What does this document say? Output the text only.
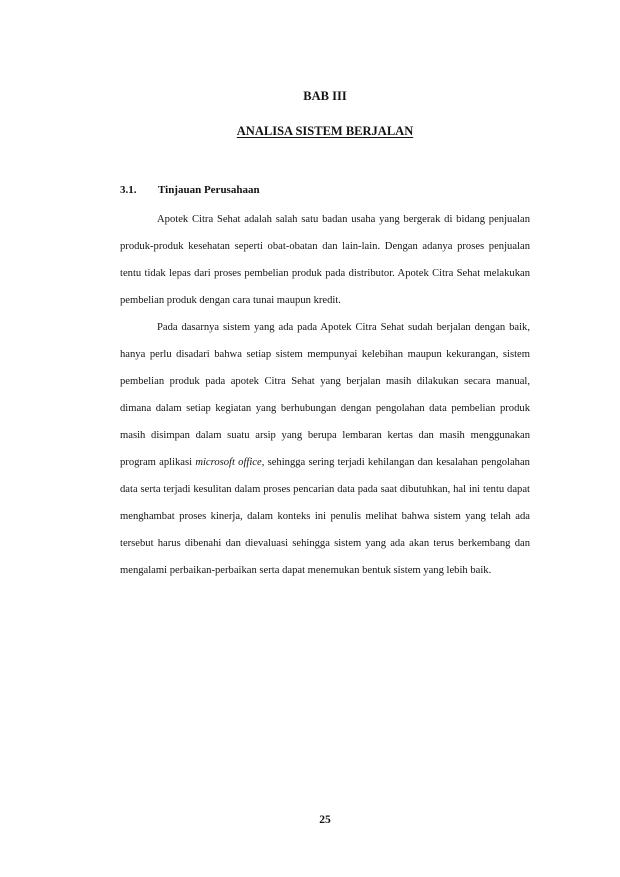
BAB III
ANALISA SISTEM BERJALAN
3.1. Tinjauan Perusahaan

Apotek Citra Sehat adalah salah satu badan usaha yang bergerak di bidang penjualan produk-produk kesehatan seperti obat-obatan dan lain-lain. Dengan adanya proses penjualan tentu tidak lepas dari proses pembelian produk pada distributor. Apotek Citra Sehat melakukan pembelian produk dengan cara tunai maupun kredit.

Pada dasarnya sistem yang ada pada Apotek Citra Sehat sudah berjalan dengan baik, hanya perlu disadari bahwa setiap sistem mempunyai kelebihan maupun kekurangan, sistem pembelian produk pada apotek Citra Sehat yang berjalan masih dilakukan secara manual, dimana dalam setiap kegiatan yang berhubungan dengan pengolahan data pembelian produk masih disimpan dalam suatu arsip yang berupa lembaran kertas dan masih menggunakan program aplikasi microsoft office, sehingga sering terjadi kehilangan dan kesalahan pengolahan data serta terjadi kesulitan dalam proses pencarian data pada saat dibutuhkan, hal ini tentu dapat menghambat proses kinerja, dalam konteks ini penulis melihat bahwa sistem yang telah ada tersebut harus dibenahi dan dievaluasi sehingga sistem yang ada akan terus berkembang dan mengalami perbaikan-perbaikan serta dapat menemukan bentuk sistem yang lebih baik.

25
